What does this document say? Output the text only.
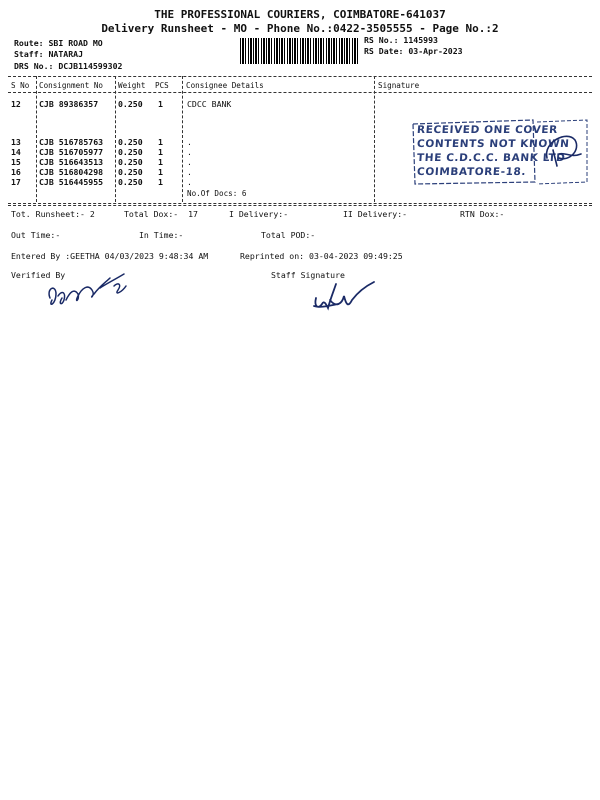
THE PROFESSIONAL COURIERS, COIMBATORE-641037
Delivery Runsheet - MO - Phone No.:0422-3505555 - Page No.:2
Route: SBI ROAD MO
Staff: NATARAJ
DRS No.: DCJB114599302
RS No.: 1145993
RS Date: 03-Apr-2023
S No Consignment No Weight PCS Consignee Details	Signature
12 CJB 89386357 0.250 1	CDCC BANK
13 CJB 516785763 0.250 1	.
14 CJB 516705977 0.250 1	.
15 CJB 516643513 0.250 1	.
16 CJB 516804298 0.250 1	.
17 CJB 516445955 0.250 1	.
No.Of Docs: 6
RECEIVED ONE COVER
CONTENTS NOT KNOWN
THE C.D.C.C. BANK LTD
COIMBATORE-18.
Tot. Runsheet:- 2	Total Dox:-  17	I Delivery:-	II Delivery:-	RTN Dox:-
Out Time:-	In Time:-	Total POD:-
Entered By :GEETHA 04/03/2023 9:48:34 AM	Reprinted on: 03-04-2023 09:49:25
Verified By	Staff Signature
